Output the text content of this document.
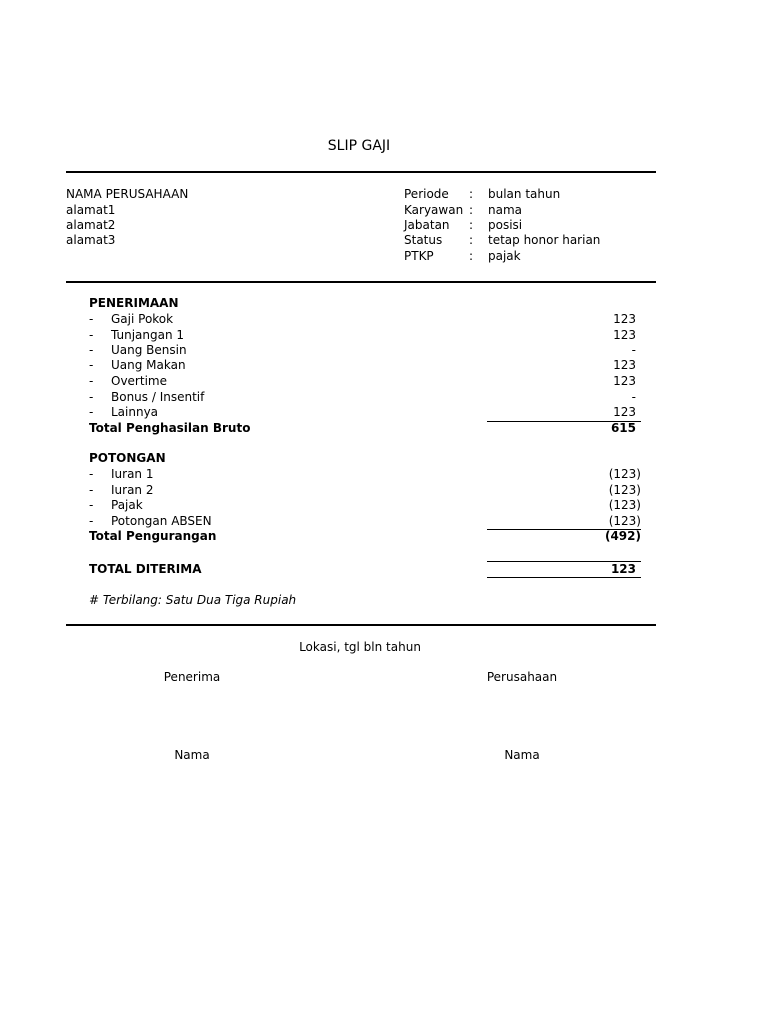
SLIP GAJI
NAMA PERUSAHAAN
alamat1
alamat2
alamat3
Periode : bulan tahun
Karyawan : nama
Jabatan : posisi
Status : tetap honor harian
PTKP	: pajak
PENERIMAAN
- Gaji Pokok	123
- Tunjangan 1	123
- Uang Bensin	-
- Uang Makan	123
- Overtime	123
- Bonus / Insentif	-
- Lainnya	123
Total Penghasilan Bruto	615
POTONGAN
- Iuran 1	(123)
- Iuran 2	(123)
- Pajak	(123)
- Potongan ABSEN	(123)
Total Pengurangan	(492)
TOTAL DITERIMA	123
# Terbilang: Satu Dua Tiga Rupiah
Lokasi, tgl bln tahun
Penerima	Perusahaan
Nama	Nama
